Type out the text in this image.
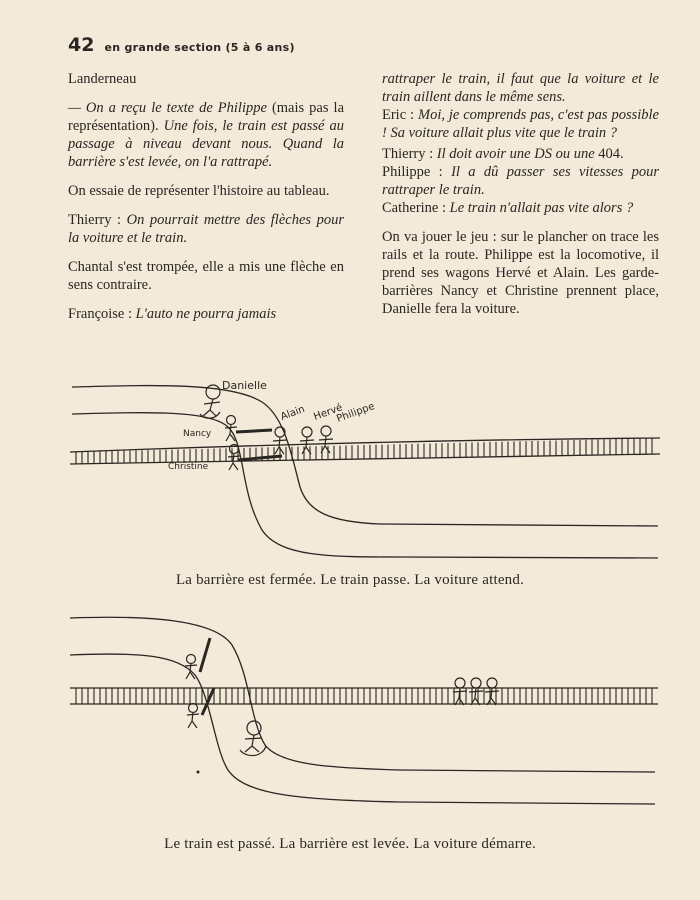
42 en grande section (5 à 6 ans)

Landerneau

— On a reçu le texte de Philippe (mais pas la représentation). Une fois, le train est passé au passage à niveau devant nous. Quand la barrière s'est levée, on l'a rattrapé.

On essaie de représenter l'histoire au tableau.

Thierry : On pourrait mettre des flèches pour la voiture et le train.

Chantal s'est trompée, elle a mis une flèche en sens contraire.

Françoise : L'auto ne pourra jamais

rattraper le train, il faut que la voiture et le train aillent dans le même sens.

Eric : Moi, je comprends pas, c'est pas possible ! Sa voiture allait plus vite que le train ?

Thierry : Il doit avoir une DS ou une 404.

Philippe : Il a dû passer ses vitesses pour rattraper le train.

Catherine : Le train n'allait pas vite alors ?

On va jouer le jeu : sur le plancher on trace les rails et la route. Philippe est la locomotive, il prend ses wagons Hervé et Alain. Les garde-barrières Nancy et Christine prennent place, Danielle fera la voiture.

Danielle
Nancy
Christine
Alain Hervé
Philippe
La barrière est fermée. Le train passe. La voiture attend.
Le train est passé. La barrière est levée. La voiture démarre.
